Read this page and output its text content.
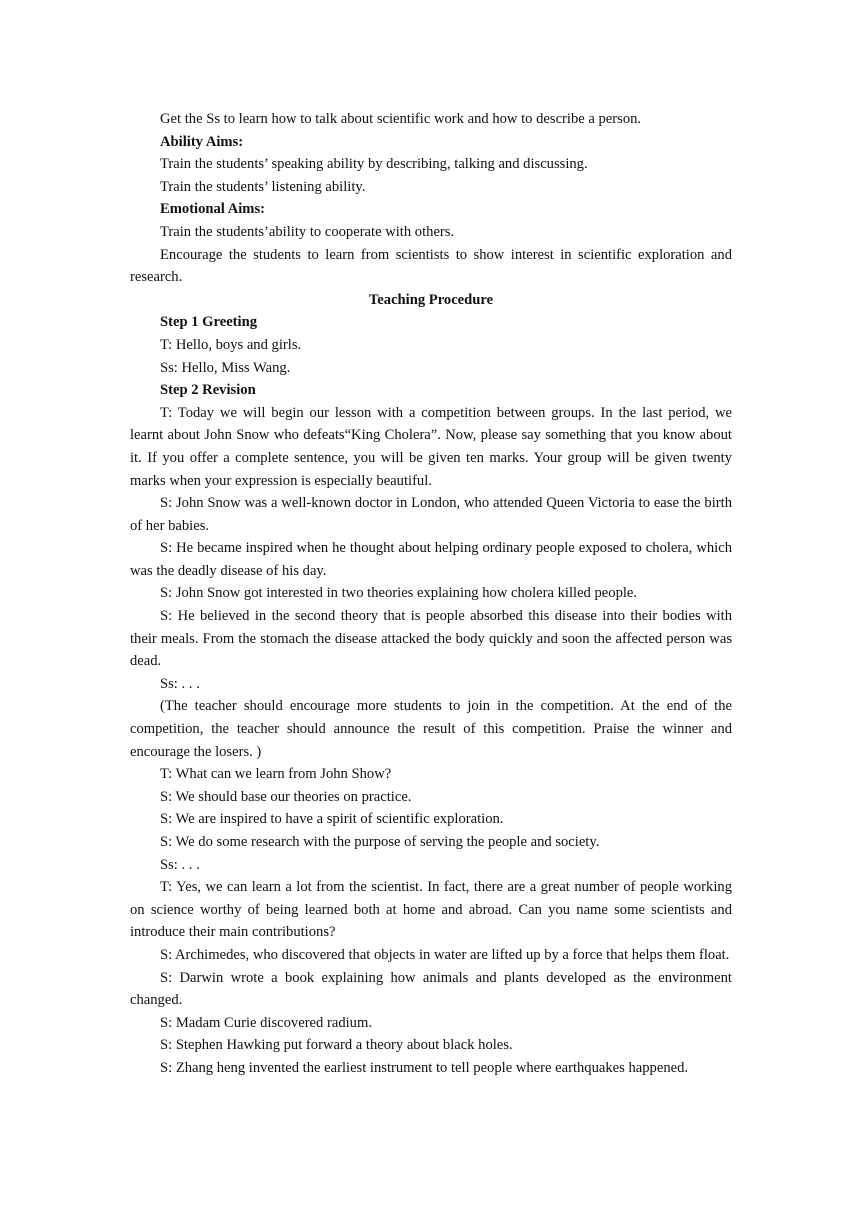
Get the Ss to learn how to talk about scientific work and how to describe a person.

Ability Aims:

Train the students’ speaking ability by describing, talking and discussing.

Train the students’ listening ability.

Emotional Aims:

Train the students’ability to cooperate with others.

Encourage the students to learn from scientists to show interest in scientific exploration and research.

Teaching Procedure

Step 1 Greeting

T: Hello, boys and girls.

Ss: Hello, Miss Wang.

Step 2 Revision

T: Today we will begin our lesson with a competition between groups. In the last period, we learnt about John Snow who defeats“King Cholera”. Now, please say something that you know about it. If you offer a complete sentence, you will be given ten marks. Your group will be given twenty marks when your expression is especially beautiful.

S: John Snow was a well-known doctor in London, who attended Queen Victoria to ease the birth of her babies.

S: He became inspired when he thought about helping ordinary people exposed to cholera, which was the deadly disease of his day.

S: John Snow got interested in two theories explaining how cholera killed people.

S: He believed in the second theory that is people absorbed this disease into their bodies with their meals. From the stomach the disease attacked the body quickly and soon the affected person was dead.

Ss: . . .

(The teacher should encourage more students to join in the competition. At the end of the competition, the teacher should announce the result of this competition. Praise the winner and encourage the losers. )

T: What can we learn from John Show?

S: We should base our theories on practice.

S: We are inspired to have a spirit of scientific exploration.

S: We do some research with the purpose of serving the people and society.

Ss: . . .

T: Yes, we can learn a lot from the scientist. In fact, there are a great number of people working on science worthy of being learned both at home and abroad. Can you name some scientists and introduce their main contributions?

S: Archimedes, who discovered that objects in water are lifted up by a force that helps them float.

S: Darwin wrote a book explaining how animals and plants developed as the environment changed.

S: Madam Curie discovered radium.

S: Stephen Hawking put forward a theory about black holes.

S: Zhang heng invented the earliest instrument to tell people where earthquakes happened.
